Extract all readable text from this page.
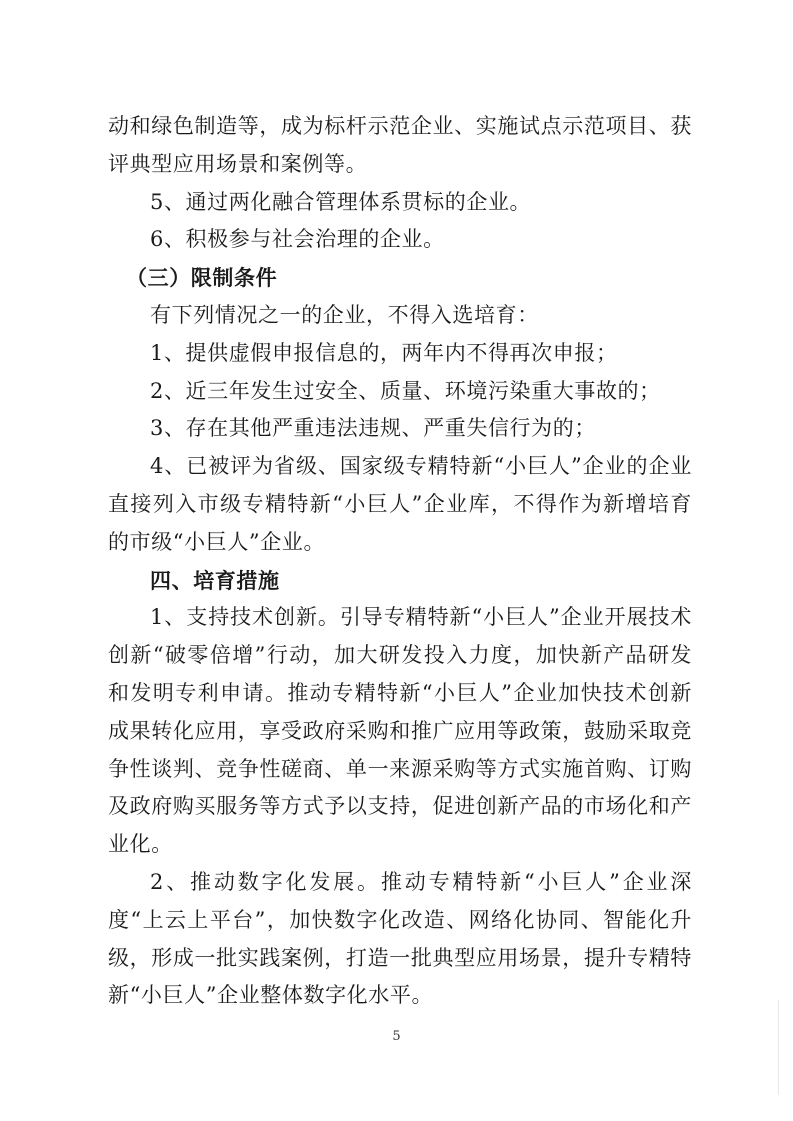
动和绿色制造等，成为标杆示范企业、实施试点示范项目、获评典型应用场景和案例等。

5、通过两化融合管理体系贯标的企业。

6、积极参与社会治理的企业。

（三）限制条件

有下列情况之一的企业，不得入选培育：

1、提供虚假申报信息的，两年内不得再次申报；

2、近三年发生过安全、质量、环境污染重大事故的；

3、存在其他严重违法违规、严重失信行为的；

4、已被评为省级、国家级专精特新“小巨人”企业的企业直接列入市级专精特新“小巨人”企业库，不得作为新增培育的市级“小巨人”企业。

四、培育措施

1、支持技术创新。引导专精特新“小巨人”企业开展技术创新“破零倍增”行动，加大研发投入力度，加快新产品研发和发明专利申请。推动专精特新“小巨人”企业加快技术创新成果转化应用，享受政府采购和推广应用等政策，鼓励采取竞争性谈判、竞争性磋商、单一来源采购等方式实施首购、订购及政府购买服务等方式予以支持，促进创新产品的市场化和产业化。

2、推动数字化发展。推动专精特新“小巨人”企业深度“上云上平台”，加快数字化改造、网络化协同、智能化升级，形成一批实践案例，打造一批典型应用场景，提升专精特新“小巨人”企业整体数字化水平。

5
